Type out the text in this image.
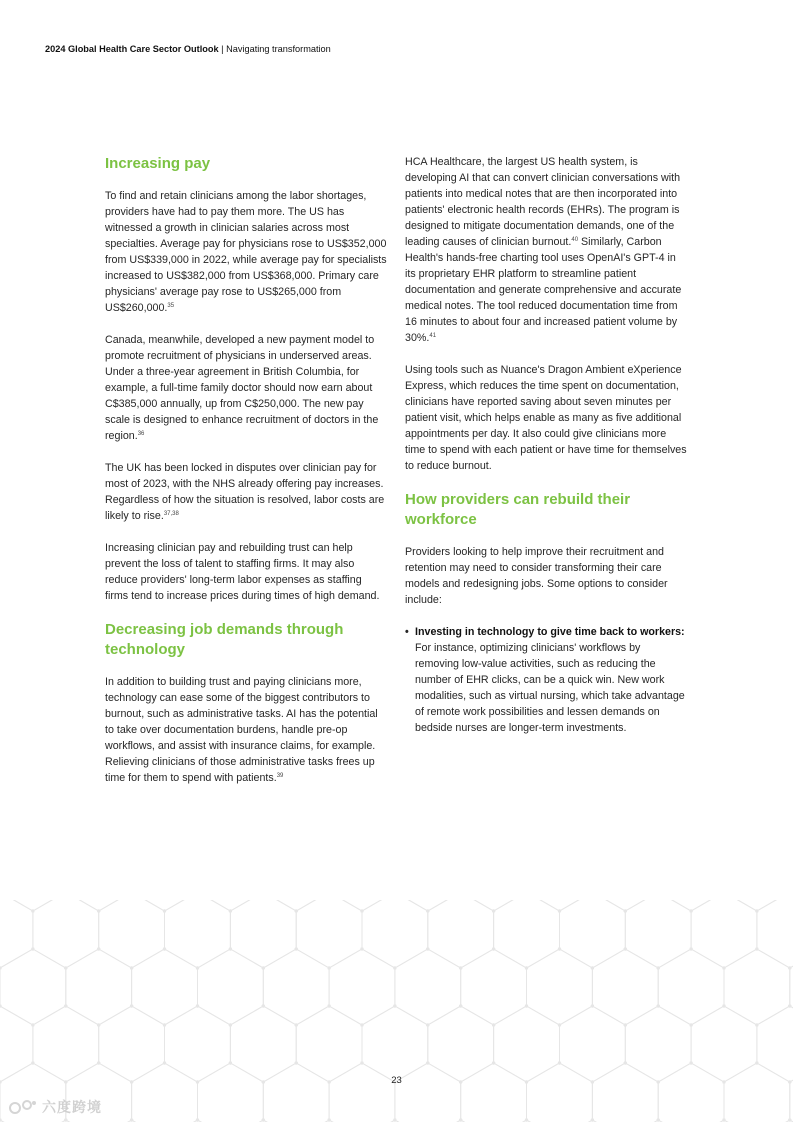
2024 Global Health Care Sector Outlook | Navigating transformation
Increasing pay

To find and retain clinicians among the labor shortages, providers have had to pay them more. The US has witnessed a growth in clinician salaries across most specialties. Average pay for physicians rose to US$352,000 from US$339,000 in 2022, while average pay for specialists increased to US$382,000 from US$368,000. Primary care physicians' average pay rose to US$265,000 from US$260,000.35

Canada, meanwhile, developed a new payment model to promote recruitment of physicians in underserved areas. Under a three-year agreement in British Columbia, for example, a full-time family doctor should now earn about C$385,000 annually, up from C$250,000. The new pay scale is designed to enhance recruitment of doctors in the region.$^{36}$

The UK has been locked in disputes over clinician pay for most of 2023, with the NHS already offering pay increases. Regardless of how the situation is resolved, labor costs are likely to rise.$^{37,38}$

Increasing clinician pay and rebuilding trust can help prevent the loss of talent to staffing firms. It may also reduce providers' long-term labor expenses as staffing firms tend to increase prices during times of high demand.

Decreasing job demands through technology

In addition to building trust and paying clinicians more, technology can ease some of the biggest contributors to burnout, such as administrative tasks. AI has the potential to take over documentation burdens, handle pre-op workflows, and assist with insurance claims, for example. Relieving clinicians of those administrative tasks frees up time for them to spend with patients.$^{39}$

HCA Healthcare, the largest US health system, is developing AI that can convert clinician conversations with patients into medical notes that are then incorporated into patients' electronic health records (EHRs). The program is designed to mitigate documentation demands, one of the leading causes of clinician burnout.$^{40}$ Similarly, Carbon Health's hands-free charting tool uses OpenAI's GPT-4 in its proprietary EHR platform to streamline patient documentation and generate comprehensive and accurate medical notes. The tool reduced documentation time from 16 minutes to about four and increased patient volume by 30%.$^{41}$

Using tools such as Nuance's Dragon Ambient eXperience Express, which reduces the time spent on documentation, clinicians have reported saving about seven minutes per patient visit, which helps enable as many as five additional appointments per day. It also could give clinicians more time to spend with each patient or have time for themselves to reduce burnout.

How providers can rebuild their workforce

Providers looking to help improve their recruitment and retention may need to consider transforming their care models and redesigning jobs. Some options to consider include:

• Investing in technology to give time back to workers: For instance, optimizing clinicians' workflows by removing low-value activities, such as reducing the number of EHR clicks, can be a quick win. New work modalities, such as virtual nursing, which take advantage of remote work possibilities and lessen demands on bedside nurses are longer-term investments.
23
六度跨境
